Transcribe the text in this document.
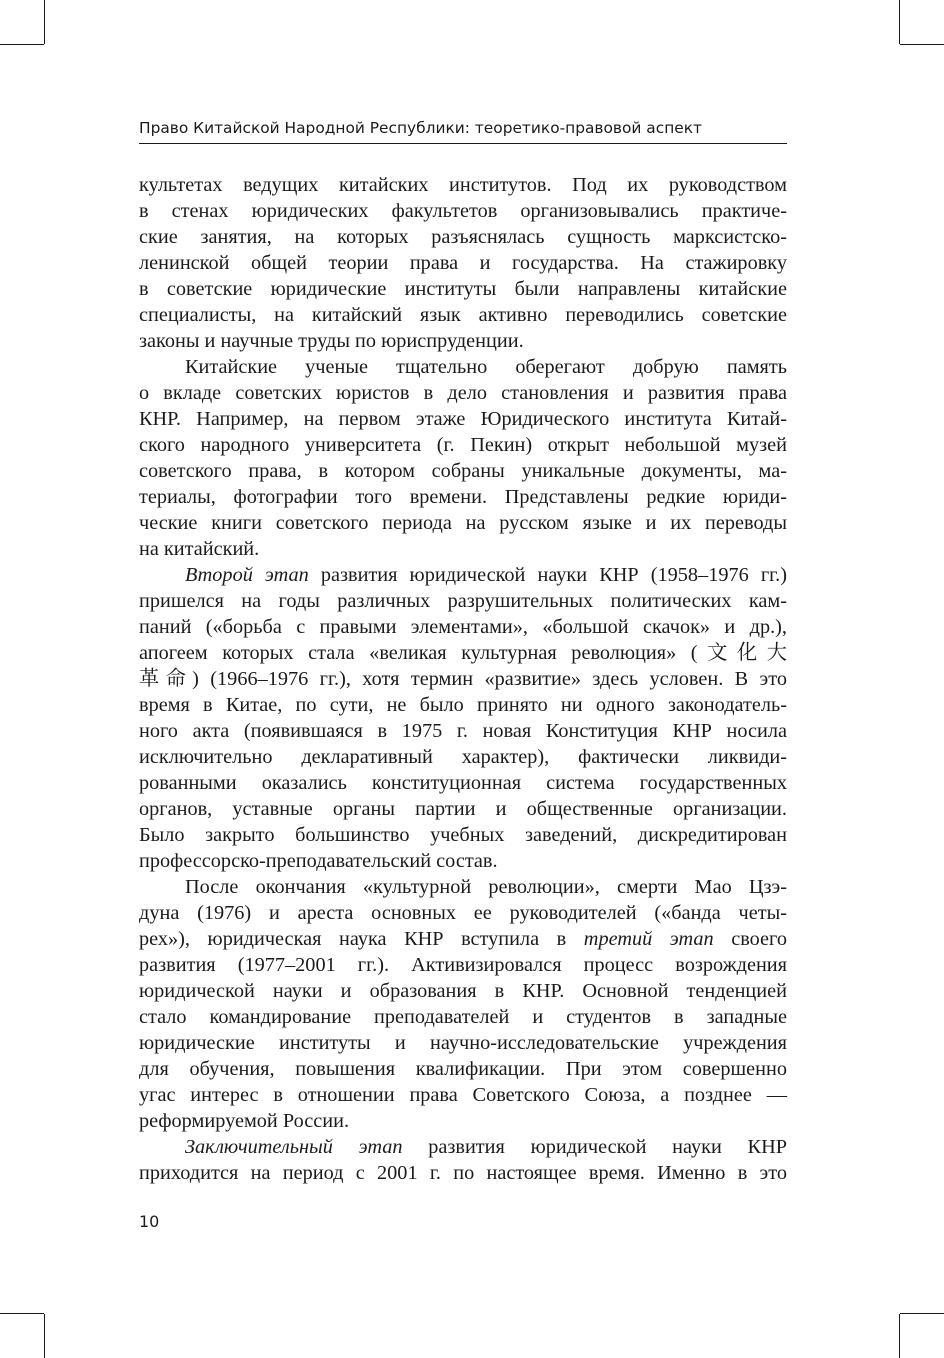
Право Китайской Народной Республики: теоретико-правовой аспект
культетах ведущих китайских институтов. Под их руководством
в стенах юридических факультетов организовывались практиче-
ские занятия, на которых разъяснялась сущность марксистско-
ленинской общей теории права и государства. На стажировку
в советские юридические институты были направлены китайские
специалисты, на китайский язык активно переводились советские
законы и научные труды по юриспруденции.
Китайские ученые тщательно оберегают добрую память
о вкладе советских юристов в дело становления и развития права
КНР. Например, на первом этаже Юридического института Китай-
ского народного университета (г. Пекин) открыт небольшой музей
советского права, в котором собраны уникальные документы, ма-
териалы, фотографии того времени. Представлены редкие юриди-
ческие книги советского периода на русском языке и их переводы
на китайский.
Второй этап развития юридической науки КНР (1958–1976 гг.)
пришелся на годы различных разрушительных политических кам-
паний («борьба с правыми элементами», «большой скачок» и др.),
апогеем которых стала «великая культурная революция» (文化大
革命) (1966–1976 гг.), хотя термин «развитие» здесь условен. В это
время в Китае, по сути, не было принято ни одного законодатель-
ного акта (появившаяся в 1975 г. новая Конституция КНР носила
исключительно декларативный характер), фактически ликвиди-
рованными оказались конституционная система государственных
органов, уставные органы партии и общественные организации.
Было закрыто большинство учебных заведений, дискредитирован
профессорско-преподавательский состав.
После окончания «культурной революции», смерти Мао Цзэ-
дуна (1976) и ареста основных ее руководителей («банда четы-
рех»), юридическая наука КНР вступила в третий этап своего
развития (1977–2001 гг.). Активизировался процесс возрождения
юридической науки и образования в КНР. Основной тенденцией
стало командирование преподавателей и студентов в западные
юридические институты и научно-исследовательские учреждения
для обучения, повышения квалификации. При этом совершенно
угас интерес в отношении права Советского Союза, а позднее —
реформируемой России.
Заключительный этап развития юридической науки КНР
приходится на период с 2001 г. по настоящее время. Именно в это
10
